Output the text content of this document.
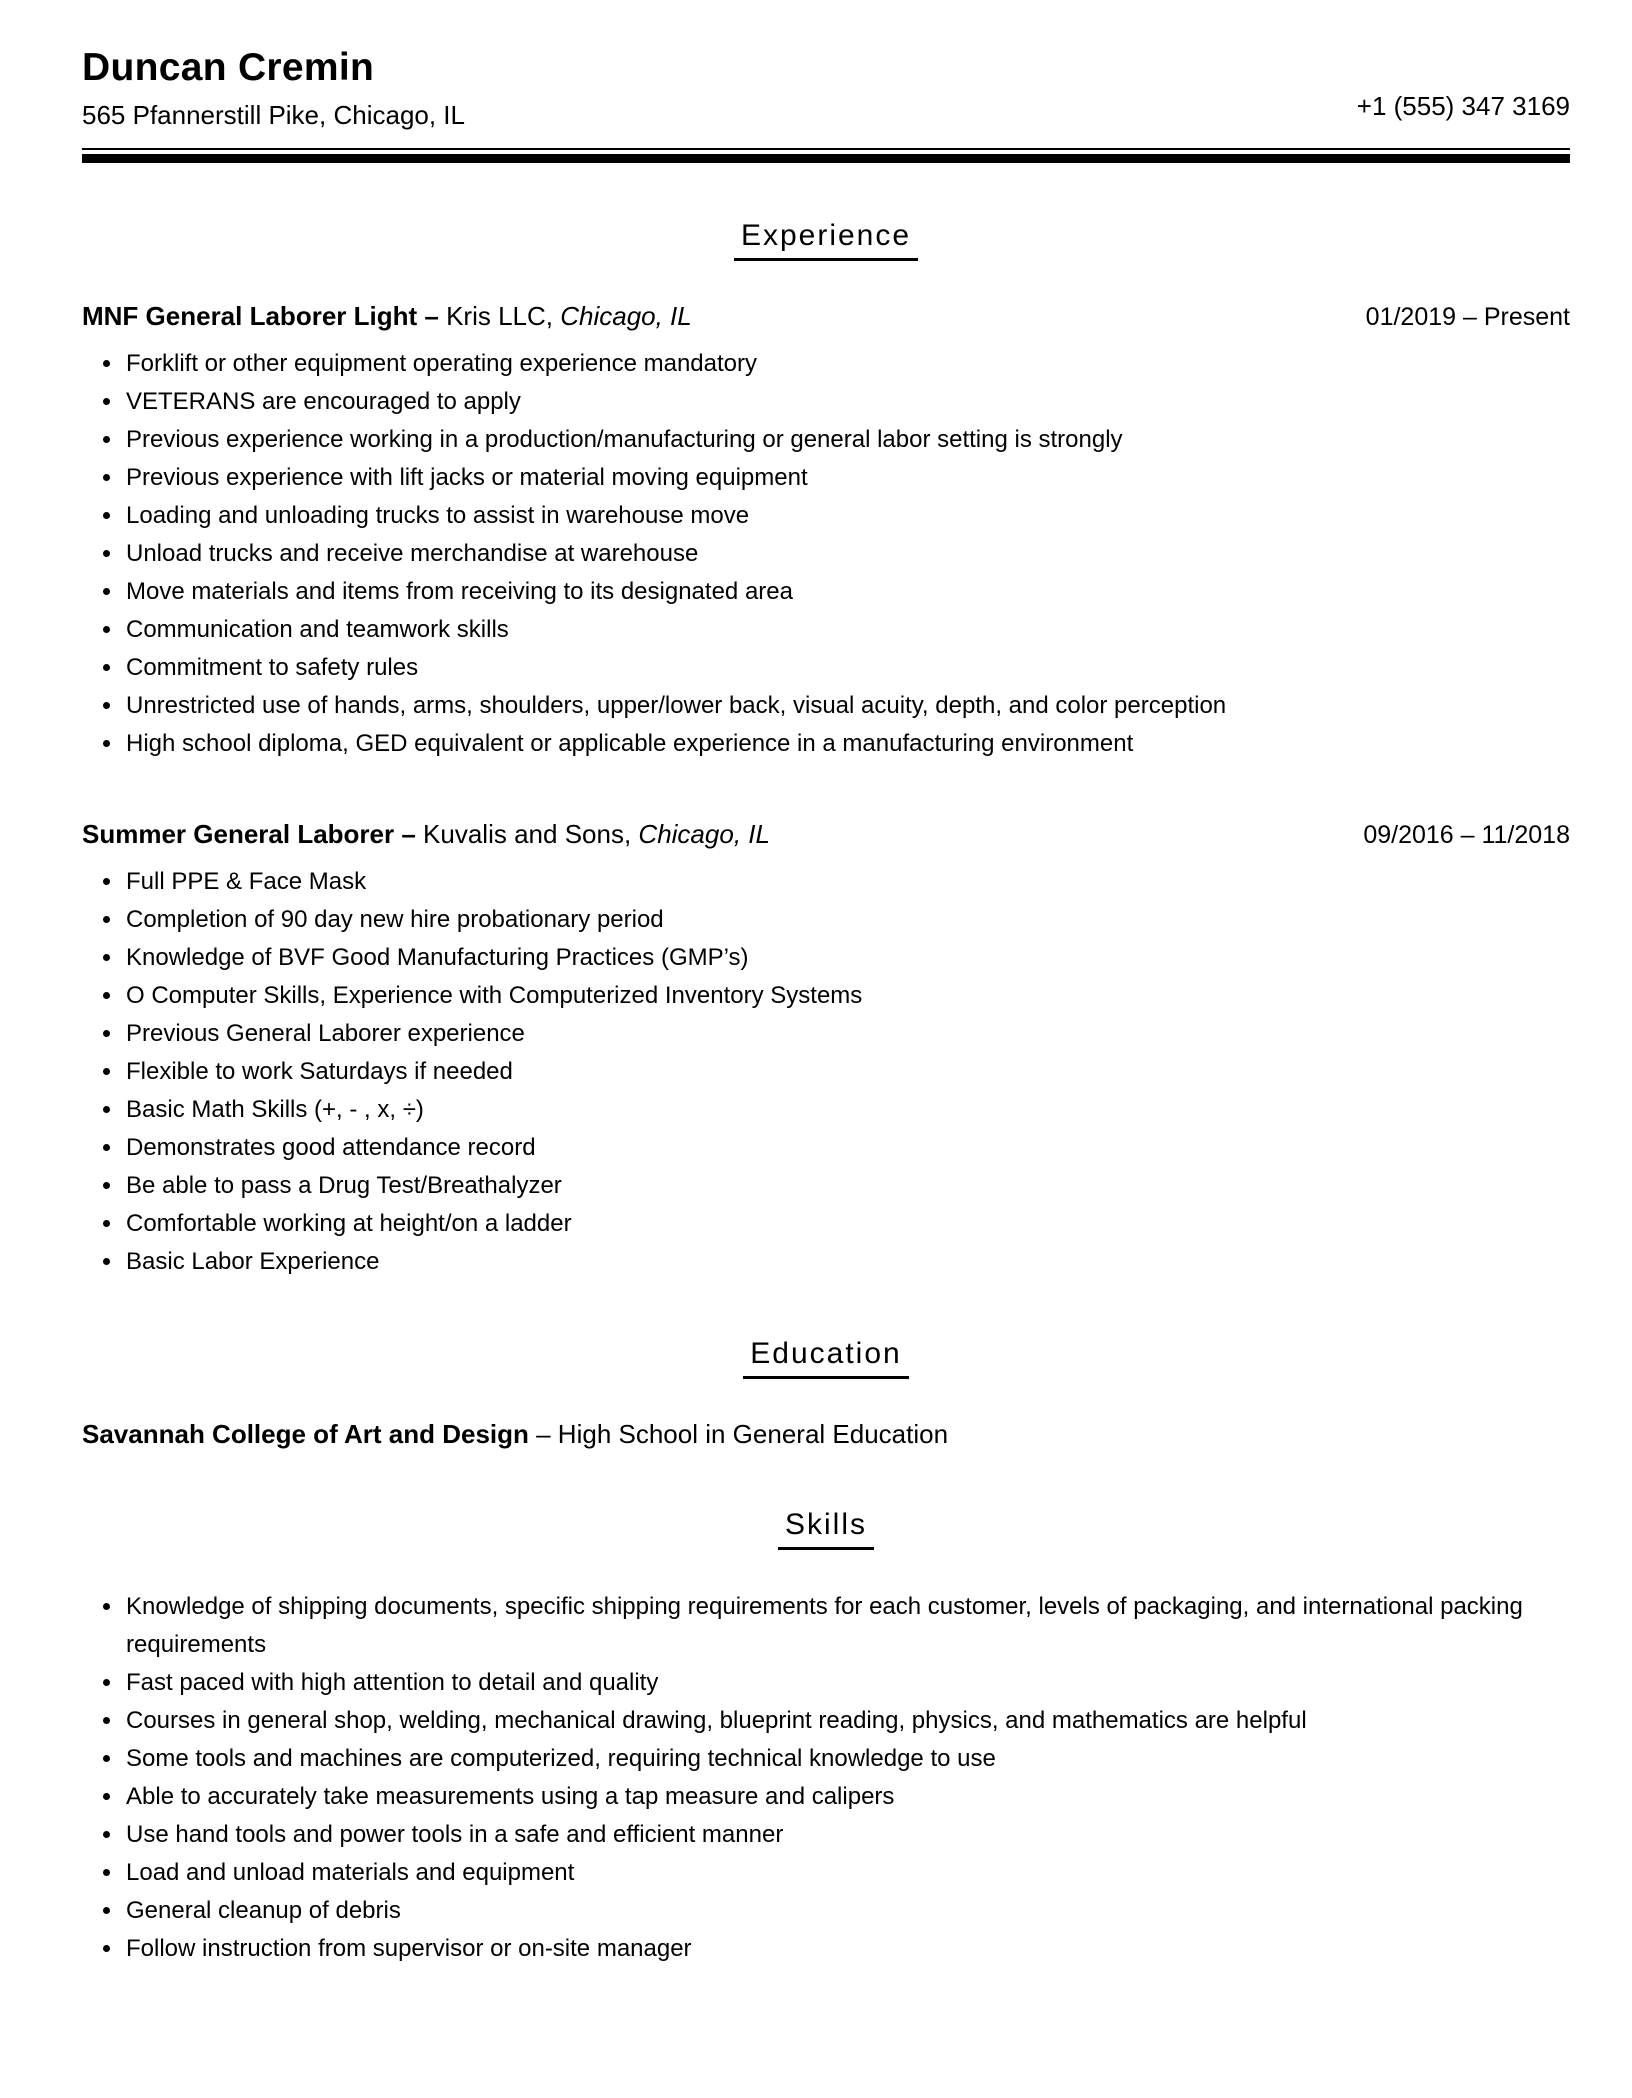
Duncan Cremin
565 Pfannerstill Pike, Chicago, IL	+1 (555) 347 3169
Experience
MNF General Laborer Light – Kris LLC, Chicago, IL	01/2019 – Present
• Forklift or other equipment operating experience mandatory
• VETERANS are encouraged to apply
• Previous experience working in a production/manufacturing or general labor setting is strongly
• Previous experience with lift jacks or material moving equipment
• Loading and unloading trucks to assist in warehouse move
• Unload trucks and receive merchandise at warehouse
• Move materials and items from receiving to its designated area
• Communication and teamwork skills
• Commitment to safety rules
• Unrestricted use of hands, arms, shoulders, upper/lower back, visual acuity, depth, and color perception
• High school diploma, GED equivalent or applicable experience in a manufacturing environment
Summer General Laborer – Kuvalis and Sons, Chicago, IL	09/2016 – 11/2018
• Full PPE & Face Mask
• Completion of 90 day new hire probationary period
• Knowledge of BVF Good Manufacturing Practices (GMP’s)
• O Computer Skills, Experience with Computerized Inventory Systems
• Previous General Laborer experience
• Flexible to work Saturdays if needed
• Basic Math Skills (+, - , x, ÷)
• Demonstrates good attendance record
• Be able to pass a Drug Test/Breathalyzer
• Comfortable working at height/on a ladder
• Basic Labor Experience
Education
Savannah College of Art and Design – High School in General Education
Skills
• Knowledge of shipping documents, specific shipping requirements for each customer, levels of packaging, and international packing requirements
• Fast paced with high attention to detail and quality
• Courses in general shop, welding, mechanical drawing, blueprint reading, physics, and mathematics are helpful
• Some tools and machines are computerized, requiring technical knowledge to use
• Able to accurately take measurements using a tap measure and calipers
• Use hand tools and power tools in a safe and efficient manner
• Load and unload materials and equipment
• General cleanup of debris
• Follow instruction from supervisor or on-site manager
